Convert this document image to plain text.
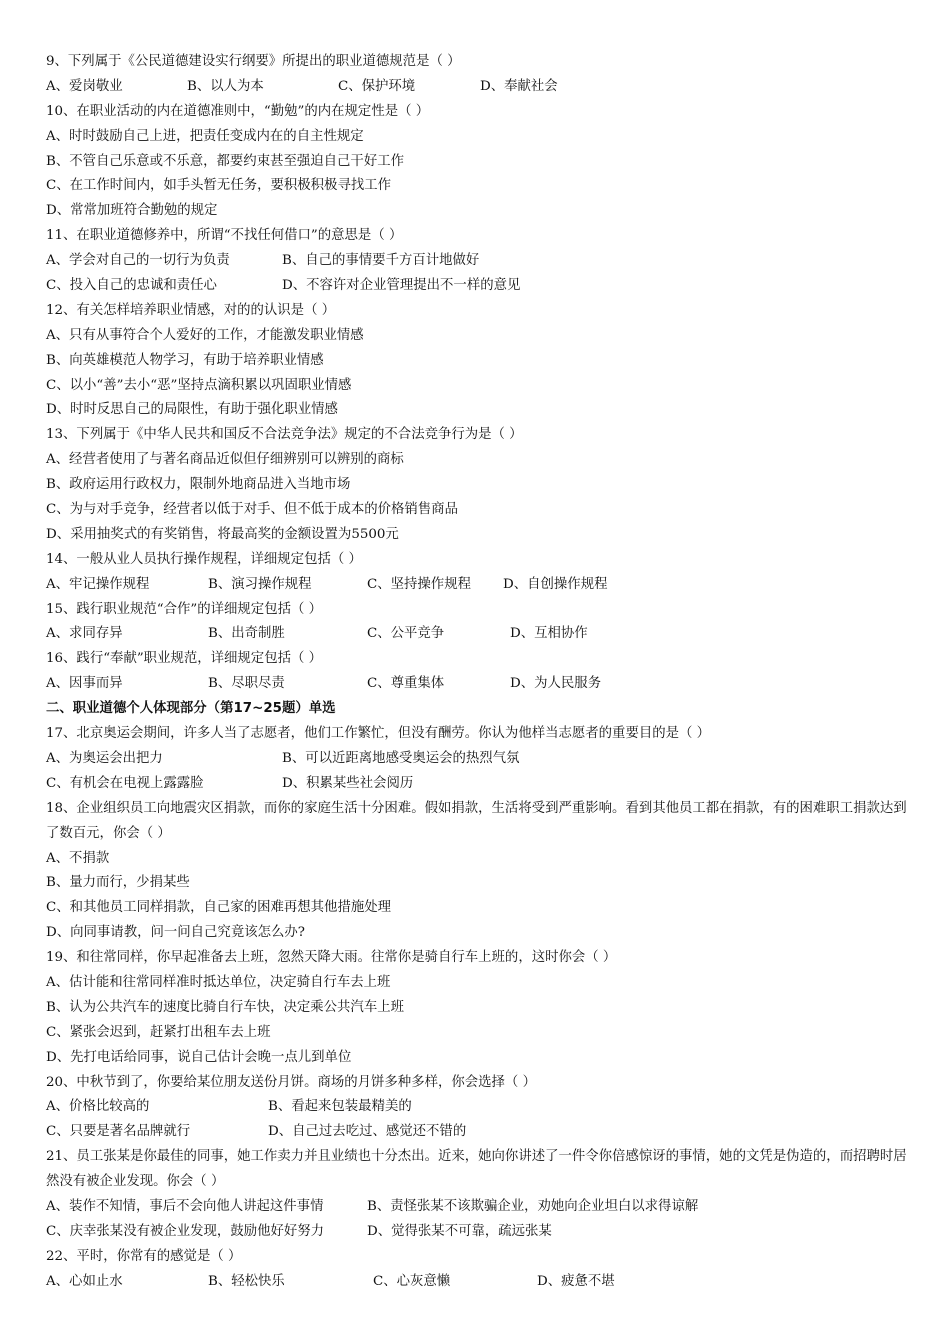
9、下列属于《公民道德建设实行纲要》所提出的职业道德规范是（ ）
A、爱岗敬业	B、以人为本	C、保护环境	D、奉献社会
10、在职业活动的内在道德准则中，“勤勉”的内在规定性是（ ）
A、时时鼓励自己上进，把责任变成内在的自主性规定
B、不管自己乐意或不乐意，都要约束甚至强迫自己干好工作
C、在工作时间内，如手头暂无任务，要积极积极寻找工作
D、常常加班符合勤勉的规定
11、在职业道德修养中，所谓“不找任何借口”的意思是（ ）
A、学会对自己的一切行为负责	B、自己的事情要千方百计地做好
C、投入自己的忠诚和责任心	D、不容许对企业管理提出不一样的意见
12、有关怎样培养职业情感，对的的认识是（ ）
A、只有从事符合个人爱好的工作，才能激发职业情感
B、向英雄模范人物学习，有助于培养职业情感
C、以小“善”去小“恶”坚持点滴积累以巩固职业情感
D、时时反思自己的局限性，有助于强化职业情感
13、下列属于《中华人民共和国反不合法竞争法》规定的不合法竞争行为是（ ）
A、经营者使用了与著名商品近似但仔细辨别可以辨别的商标
B、政府运用行政权力，限制外地商品进入当地市场
C、为与对手竞争，经营者以低于对手、但不低于成本的价格销售商品
D、采用抽奖式的有奖销售，将最高奖的金额设置为5500元
14、一般从业人员执行操作规程，详细规定包括（ ）
A、牢记操作规程	B、演习操作规程	C、坚持操作规程 D、自创操作规程
15、践行职业规范“合作”的详细规定包括（ ）
A、求同存异	B、出奇制胜	C、公平竞争	D、互相协作
16、践行“奉献”职业规范，详细规定包括（ ）
A、因事而异	B、尽职尽责	C、尊重集体	D、为人民服务
二、职业道德个人体现部分（第17~25题）单选
17、北京奥运会期间，许多人当了志愿者，他们工作繁忙，但没有酬劳。你认为他样当志愿者的重要目的是（ ）
A、为奥运会出把力	B、可以近距离地感受奥运会的热烈气氛
C、有机会在电视上露露脸	D、积累某些社会阅历
18、企业组织员工向地震灾区捐款，而你的家庭生活十分困难。假如捐款，生活将受到严重影响。看到其他员工都在捐款，有的困难职工捐款达到了数百元，你会（ ）
A、不捐款
B、量力而行，少捐某些
C、和其他员工同样捐款，自己家的困难再想其他措施处理
D、向同事请教，问一问自己究竟该怎么办?
19、和往常同样，你早起准备去上班，忽然天降大雨。往常你是骑自行车上班的，这时你会（ ）
A、估计能和往常同样准时抵达单位，决定骑自行车去上班
B、认为公共汽车的速度比骑自行车快，决定乘公共汽车上班
C、紧张会迟到，赶紧打出租车去上班
D、先打电话给同事，说自己估计会晚一点儿到单位
20、中秋节到了，你要给某位朋友送份月饼。商场的月饼多种多样，你会选择（ ）
A、价格比较高的	B、看起来包装最精美的
C、只要是著名品牌就行	D、自己过去吃过、感觉还不错的
21、员工张某是你最佳的同事，她工作卖力并且业绩也十分杰出。近来，她向你讲述了一件令你倍感惊讶的事情，她的文凭是伪造的，而招聘时居然没有被企业发现。你会（ ）
A、装作不知情，事后不会向他人讲起这件事情	B、责怪张某不该欺骗企业，劝她向企业坦白以求得谅解
C、庆幸张某没有被企业发现，鼓励他好好努力	D、觉得张某不可靠，疏远张某
22、平时，你常有的感觉是（ ）
A、心如止水	B、轻松快乐	C、心灰意懒	D、疲惫不堪
